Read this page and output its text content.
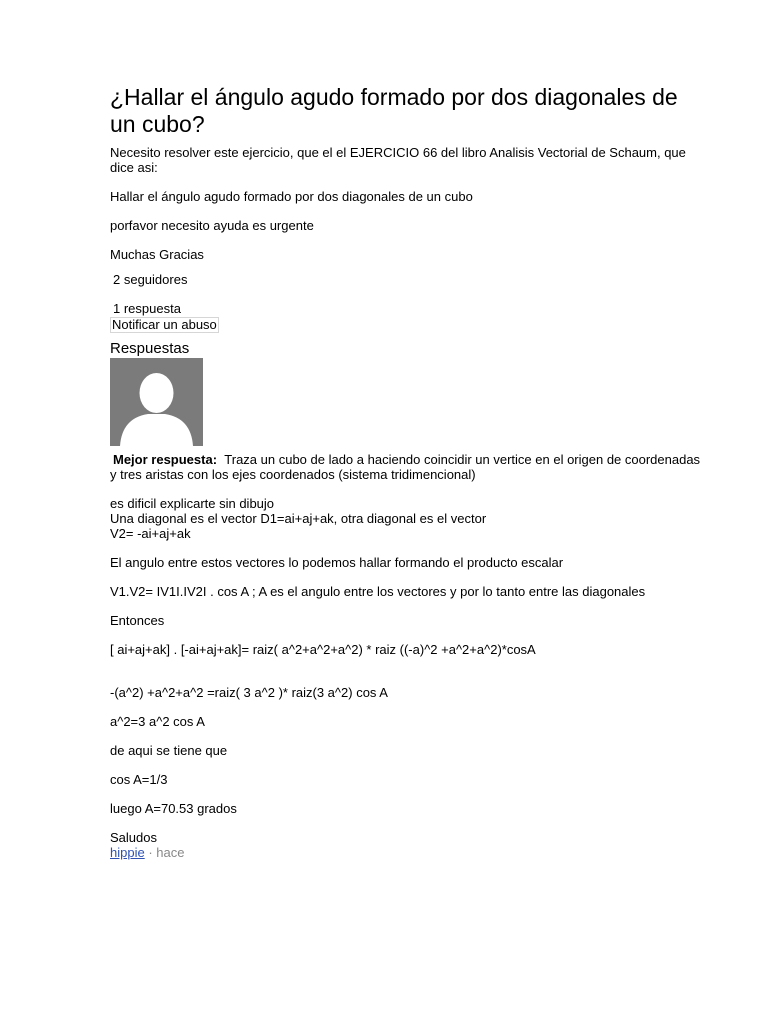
¿Hallar el ángulo agudo formado por dos diagonales de un cubo?

Necesito resolver este ejercicio, que el el EJERCICIO 66 del libro Analisis Vectorial de Schaum, que dice asi:

Hallar el ángulo agudo formado por dos diagonales de un cubo

porfavor necesito ayuda es urgente

Muchas Gracias

2 seguidores

1 respuesta

Notificar un abuso
Respuestas

Mejor respuesta: Traza un cubo de lado a haciendo coincidir un vertice en el origen de coordenadas y tres aristas con los ejes coordenados (sistema tridimencional)

es dificil explicarte sin dibujo

Una diagonal es el vector D1=ai+aj+ak, otra diagonal es el vector

V2= -ai+aj+ak

El angulo entre estos vectores lo podemos hallar formando el producto escalar

V1.V2= IV1I.IV2I . cos A ; A es el angulo entre los vectores y por lo tanto entre las diagonales

Entonces

[ ai+aj+ak] . [-ai+aj+ak]= raiz( a^2+a^2+a^2) * raiz ((-a)^2 +a^2+a^2)*cosA

-(a^2) +a^2+a^2 =raiz( 3 a^2 )* raiz(3 a^2) cos A

a^2=3 a^2 cos A

de aqui se tiene que

cos A=1/3

luego A=70.53 grados

Saludos

hippie · hace
